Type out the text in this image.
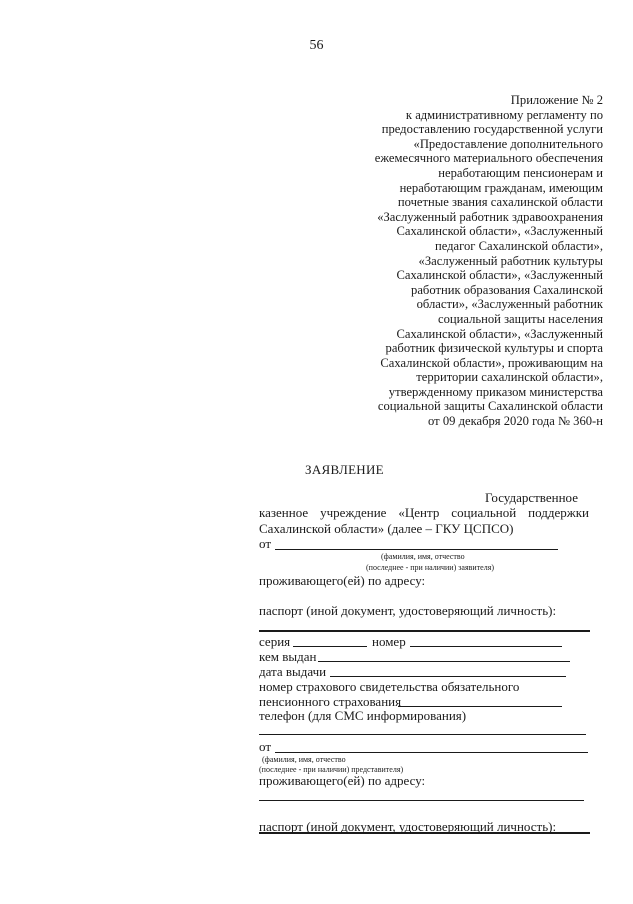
56
Приложение № 2
к административному регламенту по
предоставлению государственной услуги
«Предоставление дополнительного
ежемесячного материального обеспечения
неработающим пенсионерам и
неработающим гражданам, имеющим
почетные звания сахалинской области
«Заслуженный работник здравоохранения
Сахалинской области», «Заслуженный
педагог Сахалинской области»,
«Заслуженный работник культуры
Сахалинской области», «Заслуженный
работник образования Сахалинской
области», «Заслуженный работник
социальной защиты населения
Сахалинской области», «Заслуженный
работник физической культуры и спорта
Сахалинской области», проживающим на
территории сахалинской области»,
утвержденному приказом министерства
социальной защиты Сахалинской области
от 09 декабря 2020 года № 360-н
ЗАЯВЛЕНИЕ
Государственное
казенное учреждение «Центр социальной поддержки
Сахалинской области» (далее – ГКУ ЦСПСО)
от
(фамилия, имя, отчество
(последнее - при наличии) заявителя)
проживающего(ей) по адресу:
паспорт (иной документ, удостоверяющий личность):
серия	номер
кем выдан
дата выдачи
номер страхового свидетельства обязательного
пенсионного страхования
телефон (для СМС информирования)
от
(фамилия, имя, отчество
(последнее - при наличии) представителя)
проживающего(ей) по адресу:
паспорт (иной документ, удостоверяющий личность):
